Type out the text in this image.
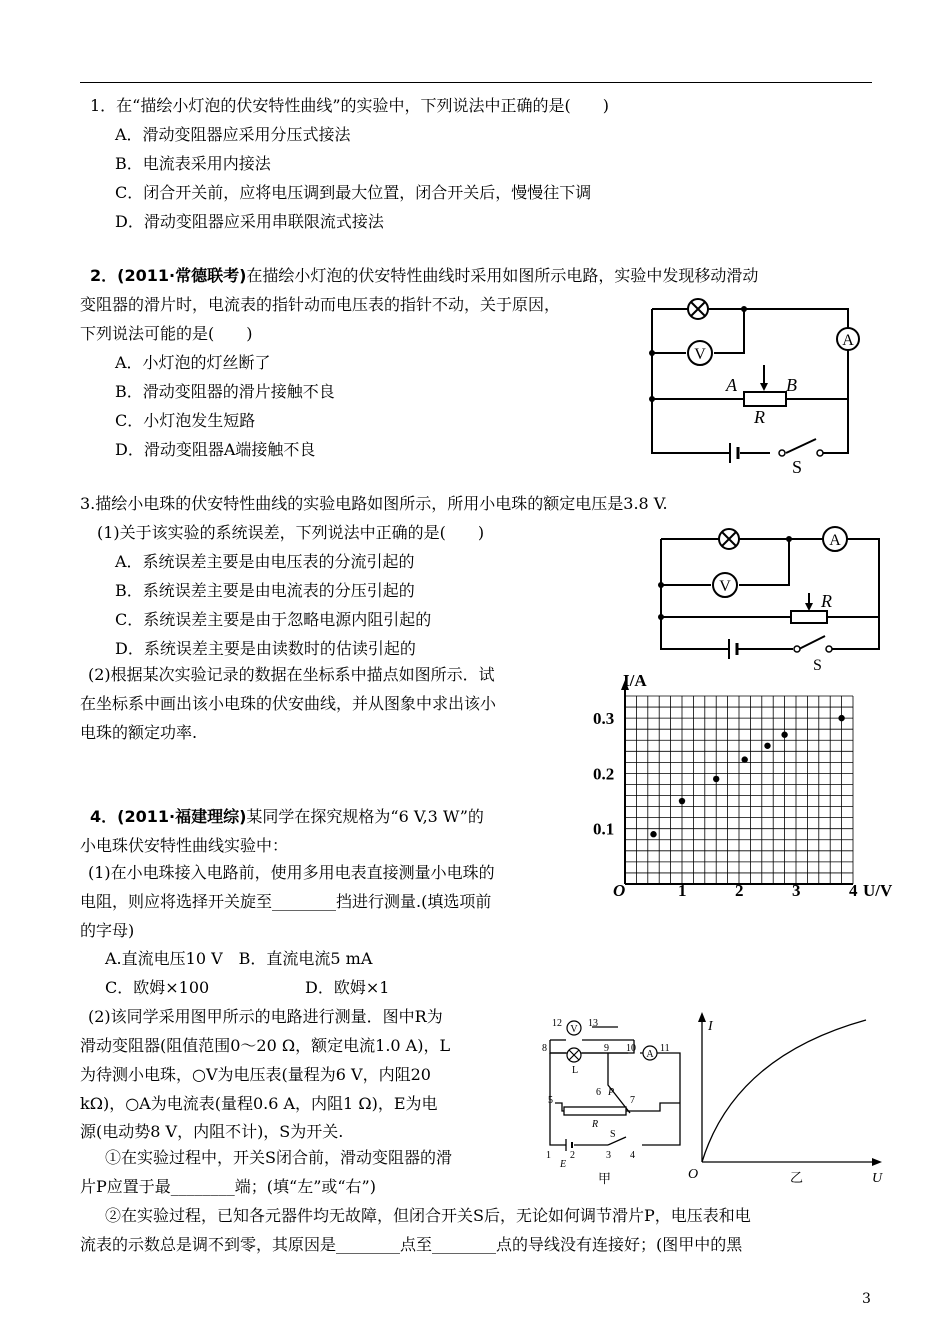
1．在“描绘小灯泡的伏安特性曲线”的实验中，下列说法中正确的是(　　)
A．滑动变阻器应采用分压式接法
B．电流表采用内接法
C．闭合开关前，应将电压调到最大位置，闭合开关后，慢慢往下调
D．滑动变阻器应采用串联限流式接法
2．(2011·常德联考)在描绘小灯泡的伏安特性曲线时采用如图所示电路，实验中发现移动滑动
变阻器的滑片时，电流表的指针动而电压表的指针不动，关于原因，
下列说法可能的是(　　)
A．小灯泡的灯丝断了
B．滑动变阻器的滑片接触不良
C．小灯泡发生短路
D．滑动变阻器A端接触不良
V
A
A	B
R
S
3.描绘小电珠的伏安特性曲线的实验电路如图所示，所用小电珠的额定电压是3.8 V.
(1)关于该实验的系统误差，下列说法中正确的是(　　)
A．系统误差主要是由电压表的分流引起的
B．系统误差主要是由电流表的分压引起的
C．系统误差主要是由于忽略电源内阻引起的
D．系统误差主要是由读数时的估读引起的
(2)根据某次实验记录的数据在坐标系中描点如图所示．试
在坐标系中画出该小电珠的伏安曲线，并从图象中求出该小
电珠的额定功率.
V
A
R
S
I/A
U/V
O	1	2	3	4
0.1
0.2
0.3
4．(2011·福建理综)某同学在探究规格为“6 V,3 W”的
小电珠伏安特性曲线实验中：
(1)在小电珠接入电路前，使用多用电表直接测量小电珠的
电阻，则应将选择开关旋至________挡进行测量.(填选项前
的字母)
A.直流电压10 V　B．直流电流5 mA
C．欧姆×100	D．欧姆×1
(2)该同学采用图甲所示的电路进行测量．图中R为
滑动变阻器(阻值范围0～20 Ω，额定电流1.0 A)，L
为待测小电珠，○V为电压表(量程为6 V，内阻20
kΩ)，○A为电流表(量程0.6 A，内阻1 Ω)，E为电
源(电动势8 V，内阻不计)，S为开关.
①在实验过程中，开关S闭合前，滑动变阻器的滑
片P应置于最________端；(填“左”或“右”)
②在实验过程，已知各元器件均无故障，但闭合开关S后，无论如何调节滑片P，电压表和电
流表的示数总是调不到零，其原因是________点至________点的导线没有连接好；(图甲中的黑
V
A
12	13
8	9 10 11
L
6 P
5	7
R
S
1 2	3 4
E
甲
I
U
O	乙
3
